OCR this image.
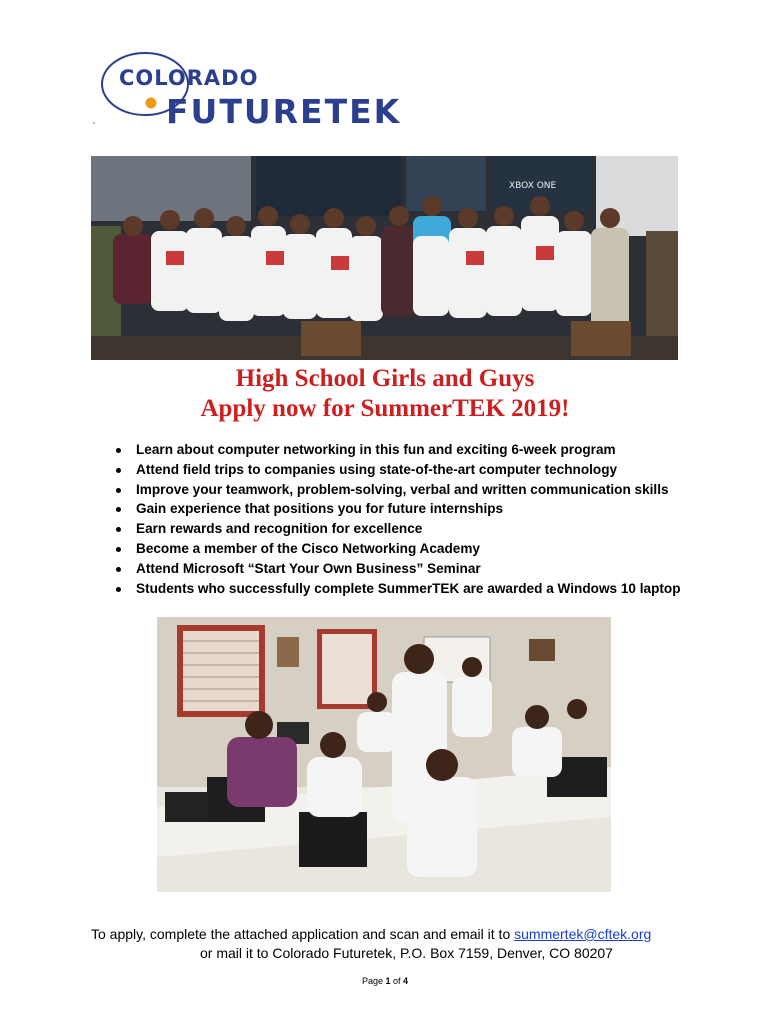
COLORADO
FUTURETEK
`
XBOX ONE
High School Girls and Guys
Apply now for SummerTEK 2019!
Learn about computer networking in this fun and exciting 6-week program
Attend field trips to companies using state-of-the-art computer technology
Improve your teamwork, problem-solving, verbal and written communication skills
Gain experience that positions you for future internships
Earn rewards and recognition for excellence
Become a member of the Cisco Networking Academy
Attend Microsoft “Start Your Own Business” Seminar
Students who successfully complete SummerTEK are awarded a Windows 10 laptop
To apply, complete the attached application and scan and email it to summertek@cftek.org
or mail it to Colorado Futuretek, P.O. Box 7159, Denver, CO 80207
Page 1 of 4
